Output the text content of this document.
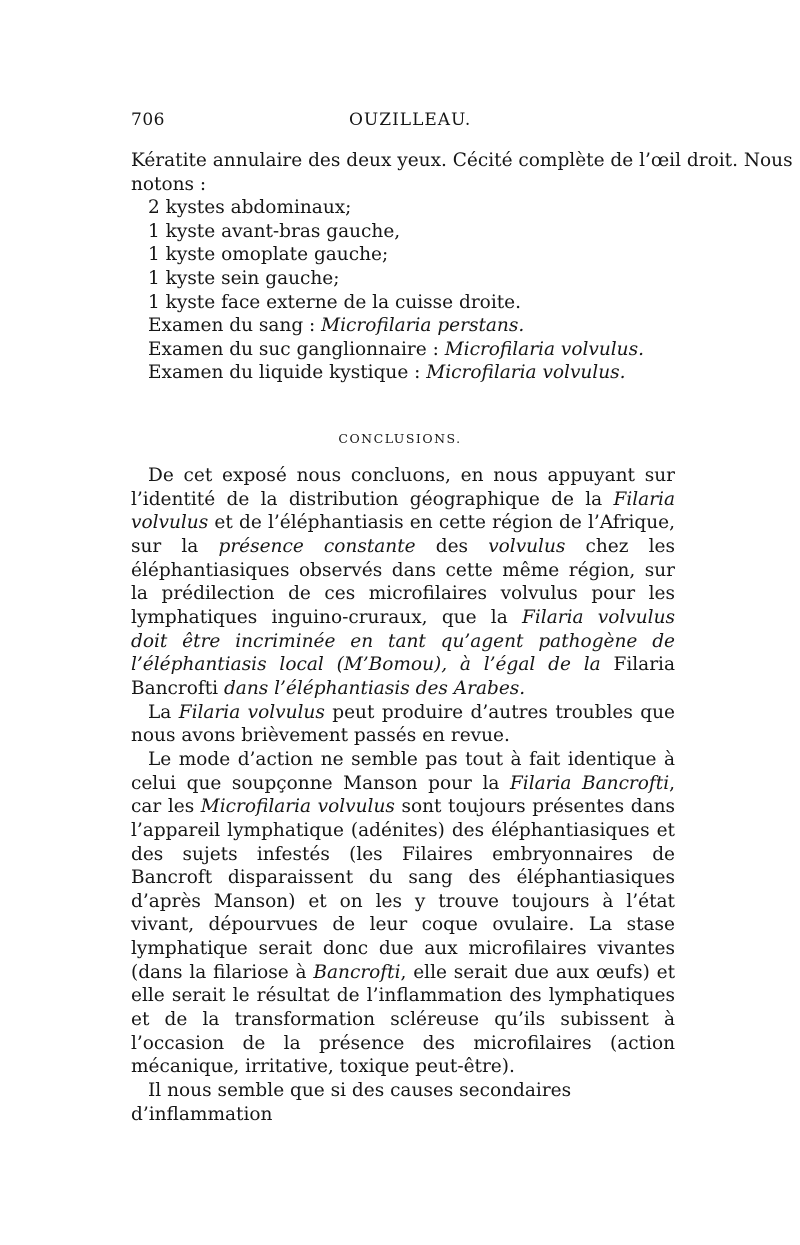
706	OUZILLEAU.
Kératite annulaire des deux yeux. Cécité complète de l’œil droit. Nous
notons :
2 kystes abdominaux;
1 kyste avant-bras gauche,
1 kyste omoplate gauche;
1 kyste sein gauche;
1 kyste face externe de la cuisse droite.
Examen du sang : Microfilaria perstans.
Examen du suc ganglionnaire : Microfilaria volvulus.
Examen du liquide kystique : Microfilaria volvulus.
CONCLUSIONS.

De cet exposé nous concluons, en nous appuyant sur l’identité de la distribution géographique de la Filaria volvulus et de l’éléphantiasis en cette région de l’Afrique, sur la présence constante des volvulus chez les éléphantiasiques observés dans cette même région, sur la prédilection de ces microfilaires volvulus pour les lymphatiques inguino-cruraux, que la Filaria volvulus doit être incriminée en tant qu’agent pathogène de l’éléphantiasis local (M’Bomou), à l’égal de la Filaria Bancrofti dans l’éléphantiasis des Arabes.

La Filaria volvulus peut produire d’autres troubles que nous avons brièvement passés en revue.

Le mode d’action ne semble pas tout à fait identique à celui que soupçonne Manson pour la Filaria Bancrofti, car les Microfilaria volvulus sont toujours présentes dans l’appareil lymphatique (adénites) des éléphantiasiques et des sujets infestés (les Filaires embryonnaires de Bancroft disparaissent du sang des éléphantiasiques d’après Manson) et on les y trouve toujours à l’état vivant, dépourvues de leur coque ovulaire. La stase lymphatique serait donc due aux microfilaires vivantes (dans la filariose à Bancrofti, elle serait due aux œufs) et elle serait le résultat de l’inflammation des lymphatiques et de la transformation scléreuse qu’ils subissent à l’occasion de la présence des microfilaires (action mécanique, irritative, toxique peut-être).

Il nous semble que si des causes secondaires d’inflammation
